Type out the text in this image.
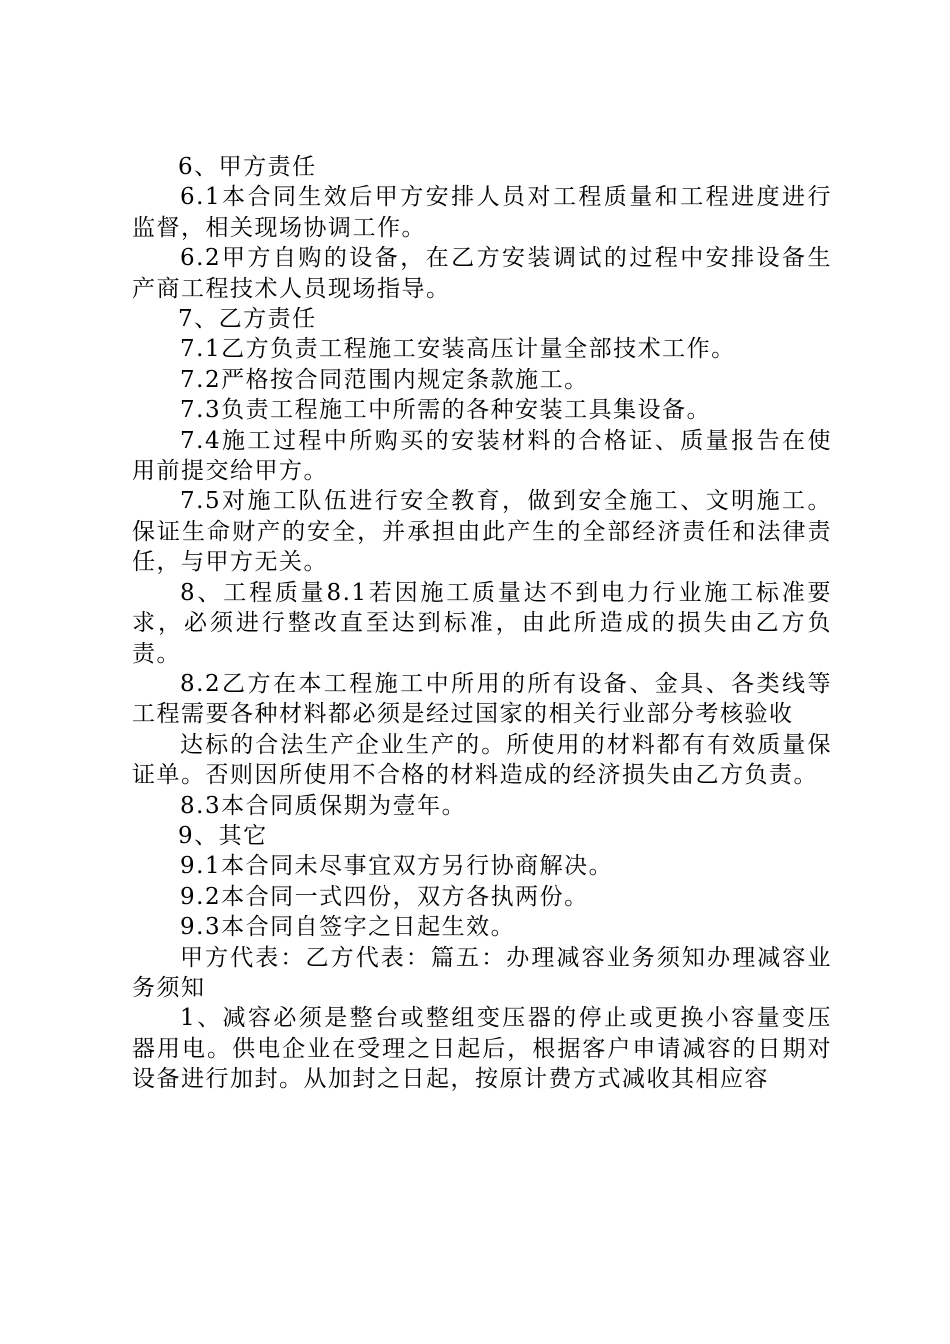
6、甲方责任

6.1本合同生效后甲方安排人员对工程质量和工程进度进行监督，相关现场协调工作。

6.2甲方自购的设备，在乙方安装调试的过程中安排设备生产商工程技术人员现场指导。

7、乙方责任

7.1乙方负责工程施工安装高压计量全部技术工作。

7.2严格按合同范围内规定条款施工。

7.3负责工程施工中所需的各种安装工具集设备。

7.4施工过程中所购买的安装材料的合格证、质量报告在使用前提交给甲方。

7.5对施工队伍进行安全教育，做到安全施工、文明施工。保证生命财产的安全，并承担由此产生的全部经济责任和法律责任，与甲方无关。

8、工程质量8.1若因施工质量达不到电力行业施工标准要求，必须进行整改直至达到标准，由此所造成的损失由乙方负责。

8.2乙方在本工程施工中所用的所有设备、金具、各类线等工程需要各种材料都必须是经过国家的相关行业部分考核验收

达标的合法生产企业生产的。所使用的材料都有有效质量保证单。否则因所使用不合格的材料造成的经济损失由乙方负责。

8.3本合同质保期为壹年。

9、其它

9.1本合同未尽事宜双方另行协商解决。

9.2本合同一式四份，双方各执两份。

9.3本合同自签字之日起生效。

甲方代表：乙方代表：篇五：办理减容业务须知办理减容业务须知

1、减容必须是整台或整组变压器的停止或更换小容量变压器用电。供电企业在受理之日起后，根据客户申请减容的日期对设备进行加封。从加封之日起，按原计费方式减收其相应容
